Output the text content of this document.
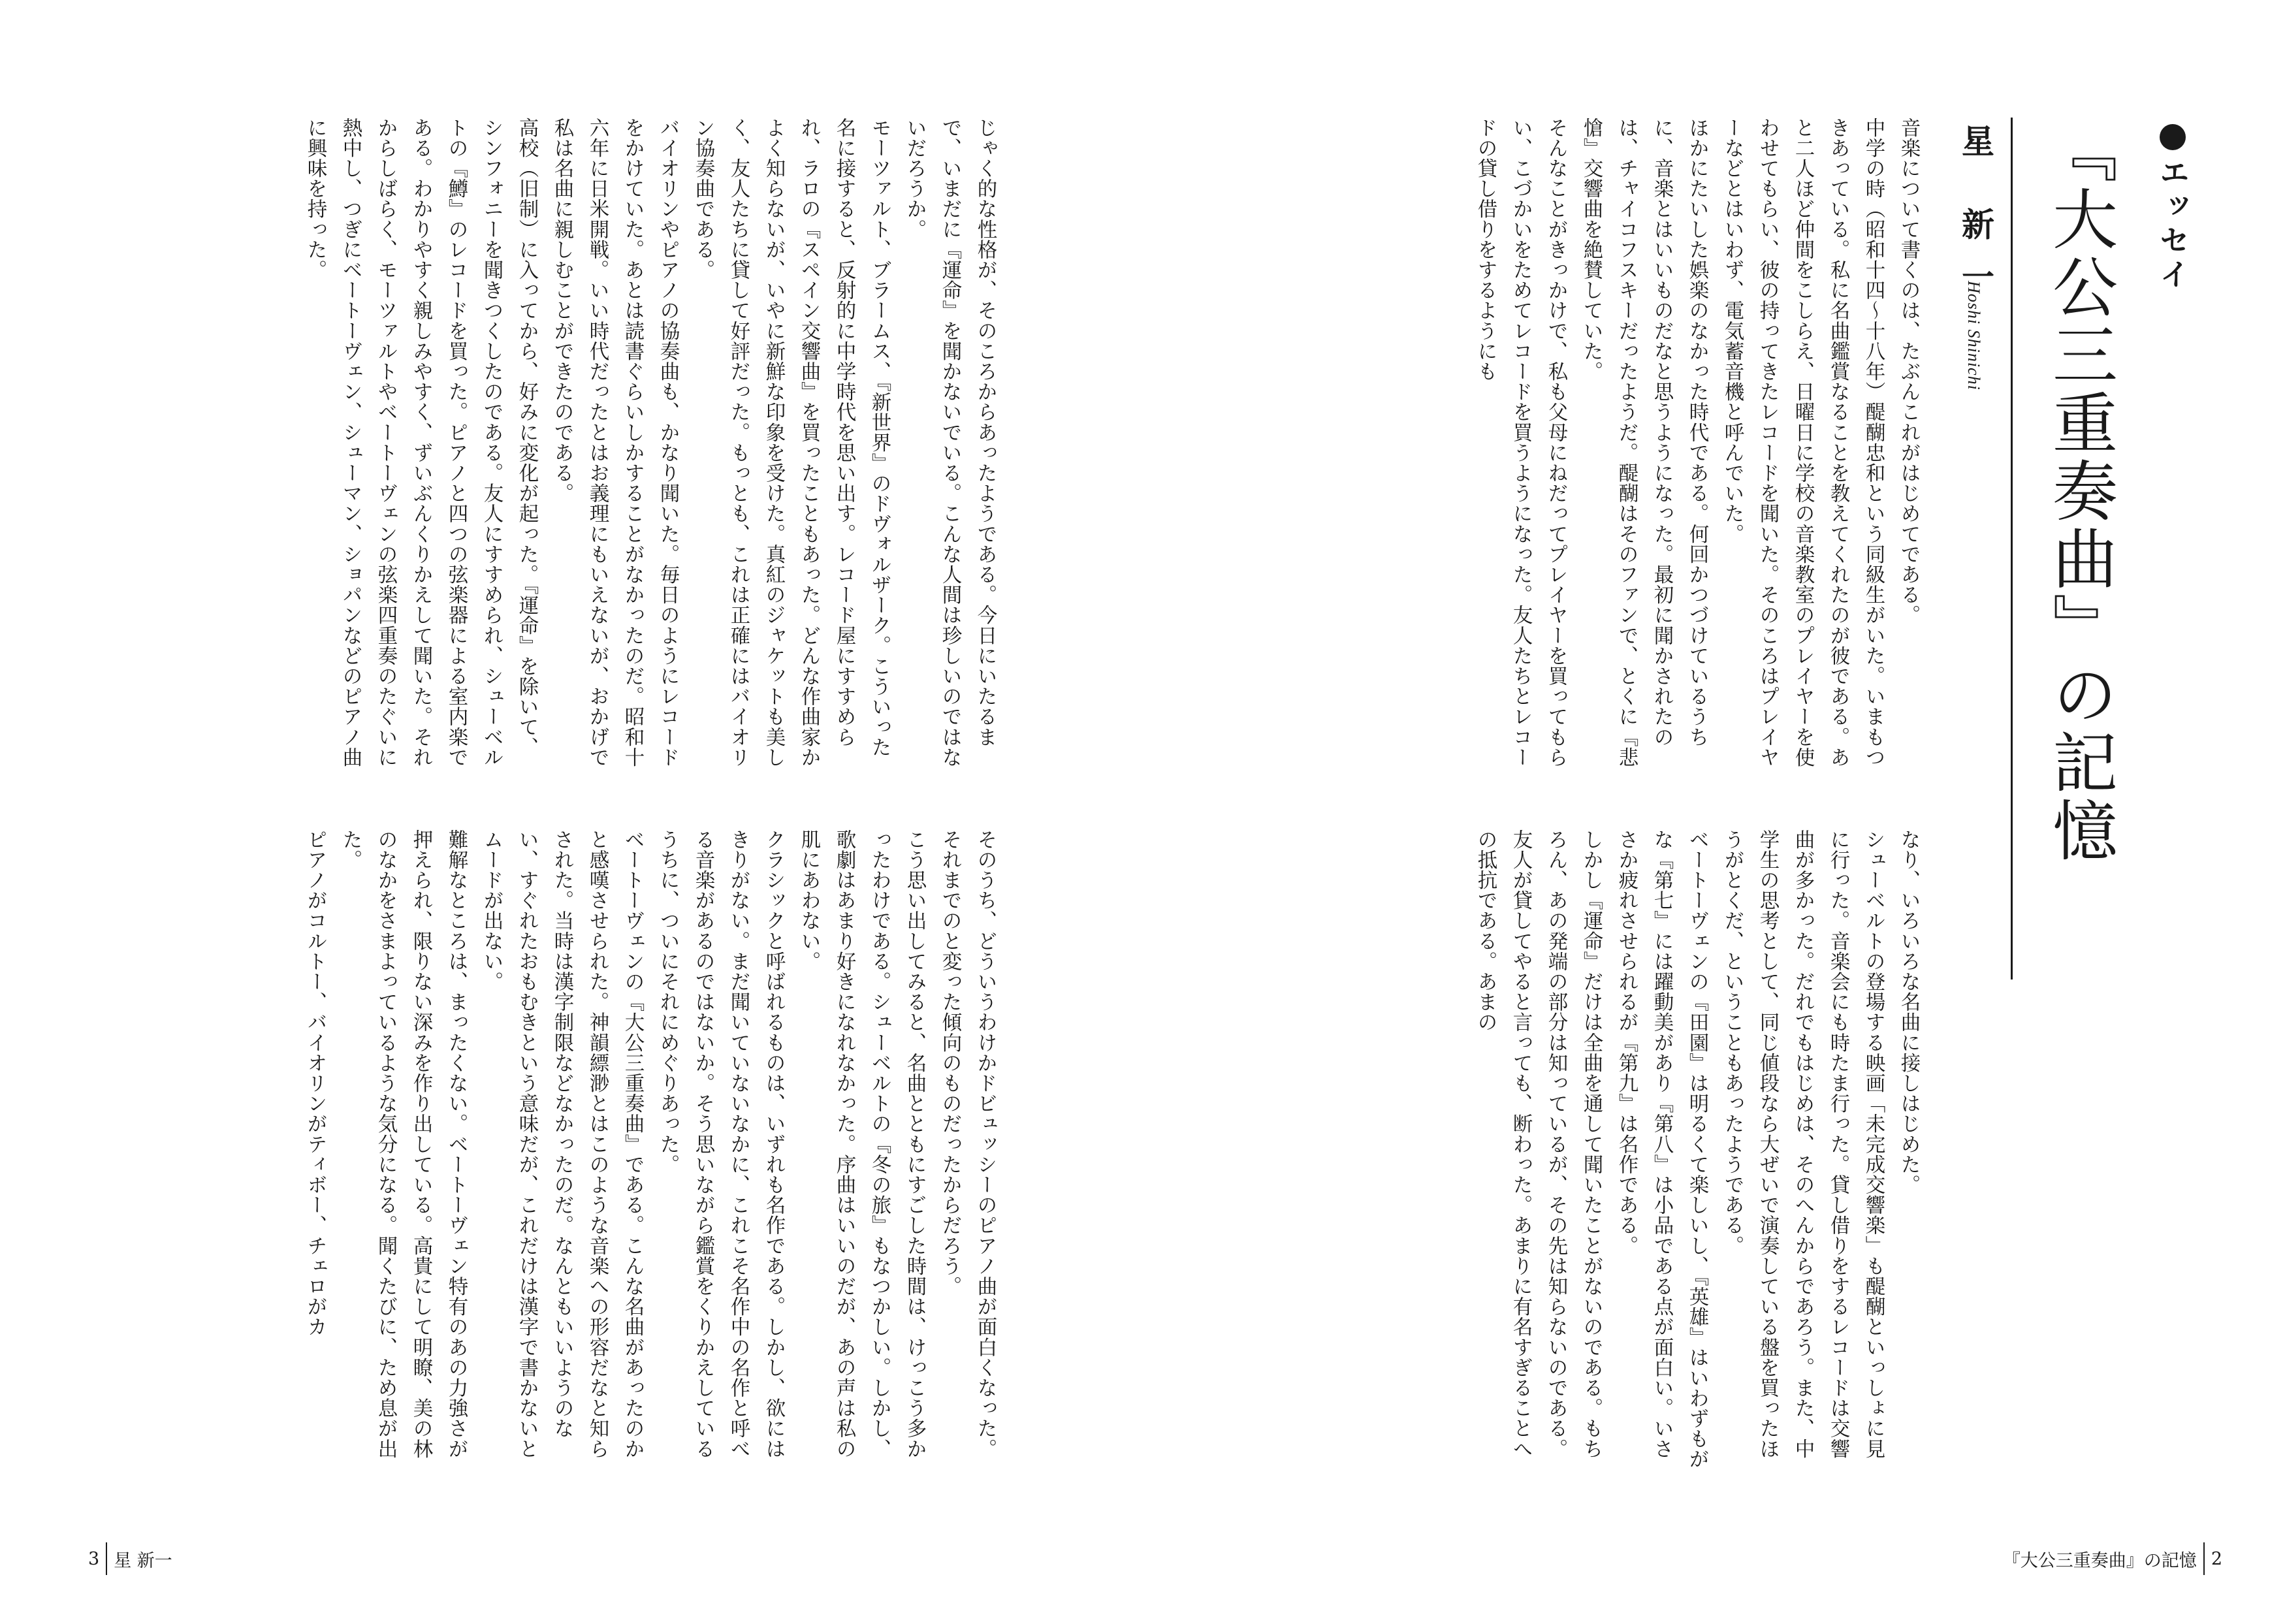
エッセイ
『大公三重奏曲』の記憶
星 新一
Hoshi Shinichi

音楽について書くのは、たぶんこれがはじめてである。

中学の時（昭和十四〜十八年）醍醐忠和という同級生がいた。いまもつきあっている。私に名曲鑑賞なることを教えてくれたのが彼である。あと二人ほど仲間をこしらえ、日曜日に学校の音楽教室のプレイヤーを使わせてもらい、彼の持ってきたレコードを聞いた。そのころはプレイヤーなどとはいわず、電気蓄音機と呼んでいた。

ほかにたいした娯楽のなかった時代である。何回かつづけているうちに、音楽とはいいものだなと思うようになった。最初に聞かされたのは、チャイコフスキーだったようだ。醍醐はそのファンで、とくに『悲愴』交響曲を絶賛していた。

そんなことがきっかけで、私も父母にねだってプレイヤーを買ってもらい、こづかいをためてレコードを買うようになった。友人たちとレコードの貸し借りをするようにも

なり、いろいろな名曲に接しはじめた。

シューベルトの登場する映画「未完成交響楽」も醍醐といっしょに見に行った。音楽会にも時たま行った。貸し借りをするレコードは交響曲が多かった。だれでもはじめは、そのへんからであろう。また、中学生の思考として、同じ値段なら大ぜいで演奏している盤を買ったほうがとくだ、ということもあったようである。

ベートーヴェンの『田園』は明るくて楽しいし、『英雄』はいわずもがな『第七』には躍動美があり『第八』は小品である点が面白い。いささか疲れさせられるが『第九』は名作である。

しかし『運命』だけは全曲を通して聞いたことがないのである。もちろん、あの発端の部分は知っているが、その先は知らないのである。友人が貸してやると言っても、断わった。あまりに有名すぎることへの抵抗である。あまの

『大公三重奏曲』の記憶 2

じゃく的な性格が、そのころからあったようである。今日にいたるまで、いまだに『運命』を聞かないでいる。こんな人間は珍しいのではないだろうか。

モーツァルト、ブラームス、『新世界』のドヴォルザーク。こういった名に接すると、反射的に中学時代を思い出す。レコード屋にすすめられ、ラロの『スペイン交響曲』を買ったこともあった。どんな作曲家かよく知らないが、いやに新鮮な印象を受けた。真紅のジャケットも美しく、友人たちに貸して好評だった。もっとも、これは正確にはバイオリン協奏曲である。

バイオリンやピアノの協奏曲も、かなり聞いた。毎日のようにレコードをかけていた。あとは読書ぐらいしかすることがなかったのだ。昭和十六年に日米開戦。いい時代だったとはお義理にもいえないが、おかげで私は名曲に親しむことができたのである。

高校（旧制）に入ってから、好みに変化が起った。『運命』を除いて、シンフォニーを聞きつくしたのである。友人にすすめられ、シューベルトの『鱒』のレコードを買った。ピアノと四つの弦楽器による室内楽である。わかりやすく親しみやすく、ずいぶんくりかえして聞いた。それからしばらく、モーツァルトやベートーヴェンの弦楽四重奏のたぐいに熱中し、つぎにベートーヴェン、シューマン、ショパンなどのピアノ曲に興味を持った。

そのうち、どういうわけかドビュッシーのピアノ曲が面白くなった。それまでのと変った傾向のものだったからだろう。

こう思い出してみると、名曲とともにすごした時間は、けっこう多かったわけである。シューベルトの『冬の旅』もなつかしい。しかし、歌劇はあまり好きになれなかった。序曲はいいのだが、あの声は私の肌にあわない。

クラシックと呼ばれるものは、いずれも名作である。しかし、欲にはきりがない。まだ聞いていないなかに、これこそ名作中の名作と呼べる音楽があるのではないか。そう思いながら鑑賞をくりかえしているうちに、ついにそれにめぐりあった。

ベートーヴェンの『大公三重奏曲』である。こんな名曲があったのかと感嘆させられた。神韻縹渺とはこのような音楽への形容だなと知らされた。当時は漢字制限などなかったのだ。なんともいいようのない、すぐれたおもむきという意味だが、これだけは漢字で書かないとムードが出ない。

難解なところは、まったくない。ベートーヴェン特有のあの力強さが押えられ、限りない深みを作り出している。高貴にして明瞭、美の林のなかをさまよっているような気分になる。聞くたびに、ため息が出た。

ピアノがコルトー、バイオリンがティボー、チェロがカ

3 星 新一
